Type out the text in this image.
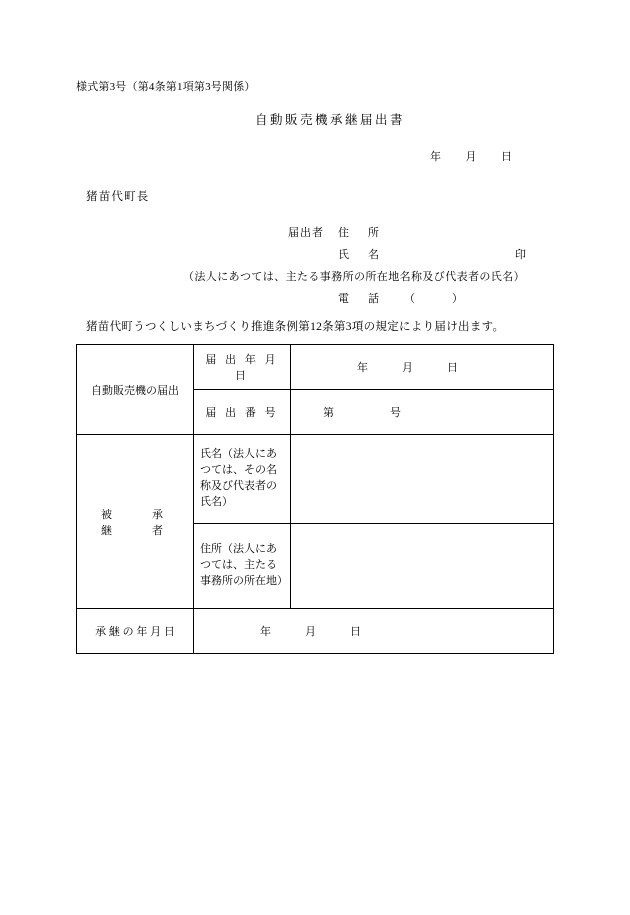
様式第3号（第4条第1項第3号関係）
自動販売機承継届出書
年 月 日
猪苗代町長
届出者 住　所
氏　名	印
（法人にあつては、主たる事務所の所在地名称及び代表者の氏名）
電　話 （　　　）
猪苗代町うつくしいまちづくり推進条例第12条第3項の規定により届け出ます。
自動販売機の届出	届 出 年 月 日	年 月 日
	届 出 番 号	第 号
被　　承　　継　　者	氏名（法人にあつては、その名称及び代表者の氏名）	
	住所（法人にあつては、主たる事務所の所在地）	
承 継 の 年 月 日	年 月 日	
